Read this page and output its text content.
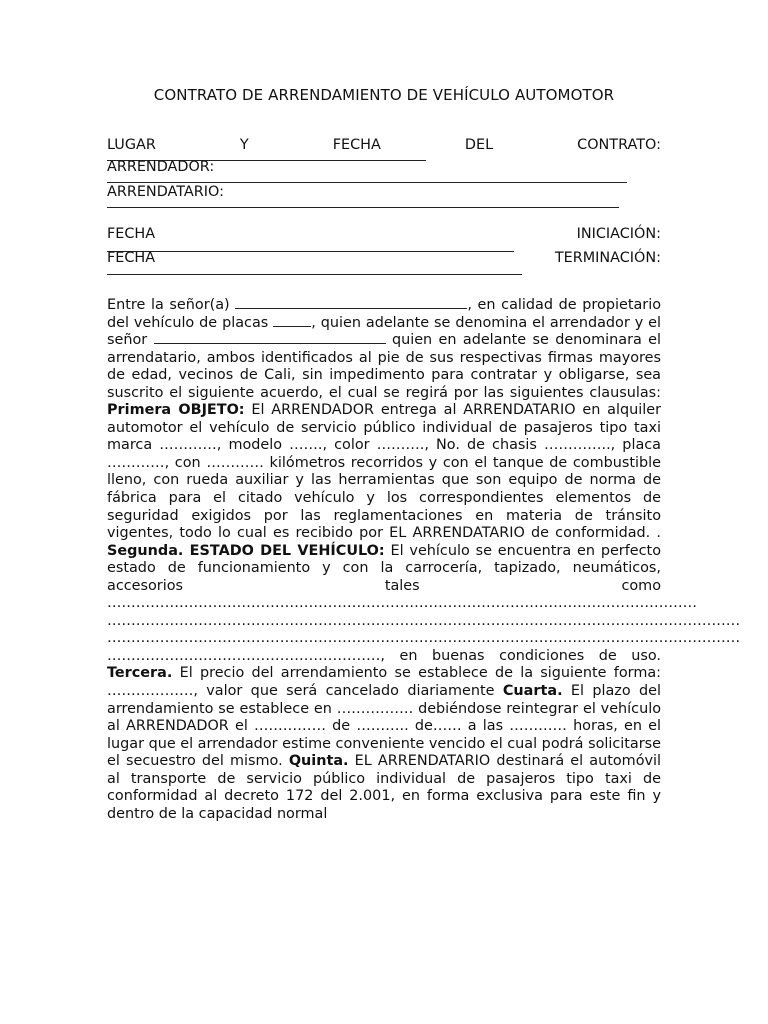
CONTRATO DE ARRENDAMIENTO DE VEHÍCULO AUTOMOTOR
LUGAR	Y	FECHA	DEL	CONTRATO:
ARRENDADOR:
ARRENDATARIO:
FECHA	INICIACIÓN:
FECHA	TERMINACIÓN:

Entre la señor(a)	, en calidad de propietario del vehículo de placas	, quien adelante se denomina el arrendador y el señor	quien en adelante se denominara el arrendatario, ambos identificados al pie de sus respectivas firmas mayores de edad, vecinos de Cali, sin impedimento para contratar y obligarse, sea suscrito el siguiente acuerdo, el cual se regirá por las siguientes clausulas: Primera OBJETO: El ARRENDADOR entrega al ARRENDATARIO en alquiler automotor el vehículo de servicio público individual de pasajeros tipo taxi marca …………, modelo ……., color ………., No. de chasis ………….., placa …………, con ………… kilómetros recorridos y con el tanque de combustible lleno, con rueda auxiliar y las herramientas que son equipo de norma de fábrica para el citado vehículo y los correspondientes elementos de seguridad exigidos por las reglamentaciones en materia de tránsito vigentes, todo lo cual es recibido por EL ARRENDATARIO de conformidad. . Segunda. ESTADO DEL VEHÍCULO: El vehículo se encuentra en perfecto estado de funcionamiento y con la carrocería, tapizado, neumáticos, accesorios tales como …………………………………………………………………………………………………………… …………………………………………………………………………………………………………………… …………………………………………………………………………………………………………………… …………………………………………………, en buenas condiciones de uso. Tercera. El precio del arrendamiento se establece de la siguiente forma: ………………, valor que será cancelado diariamente Cuarta. El plazo del arrendamiento se establece en ……………. debiéndose reintegrar el vehículo al ARRENDADOR el …………… de ……….. de…… a las ………… horas, en el lugar que el arrendador estime conveniente vencido el cual podrá solicitarse el secuestro del mismo. Quinta. EL ARRENDATARIO destinará el automóvil al transporte de servicio público individual de pasajeros tipo taxi de conformidad al decreto 172 del 2.001, en forma exclusiva para este fin y dentro de la capacidad normal
